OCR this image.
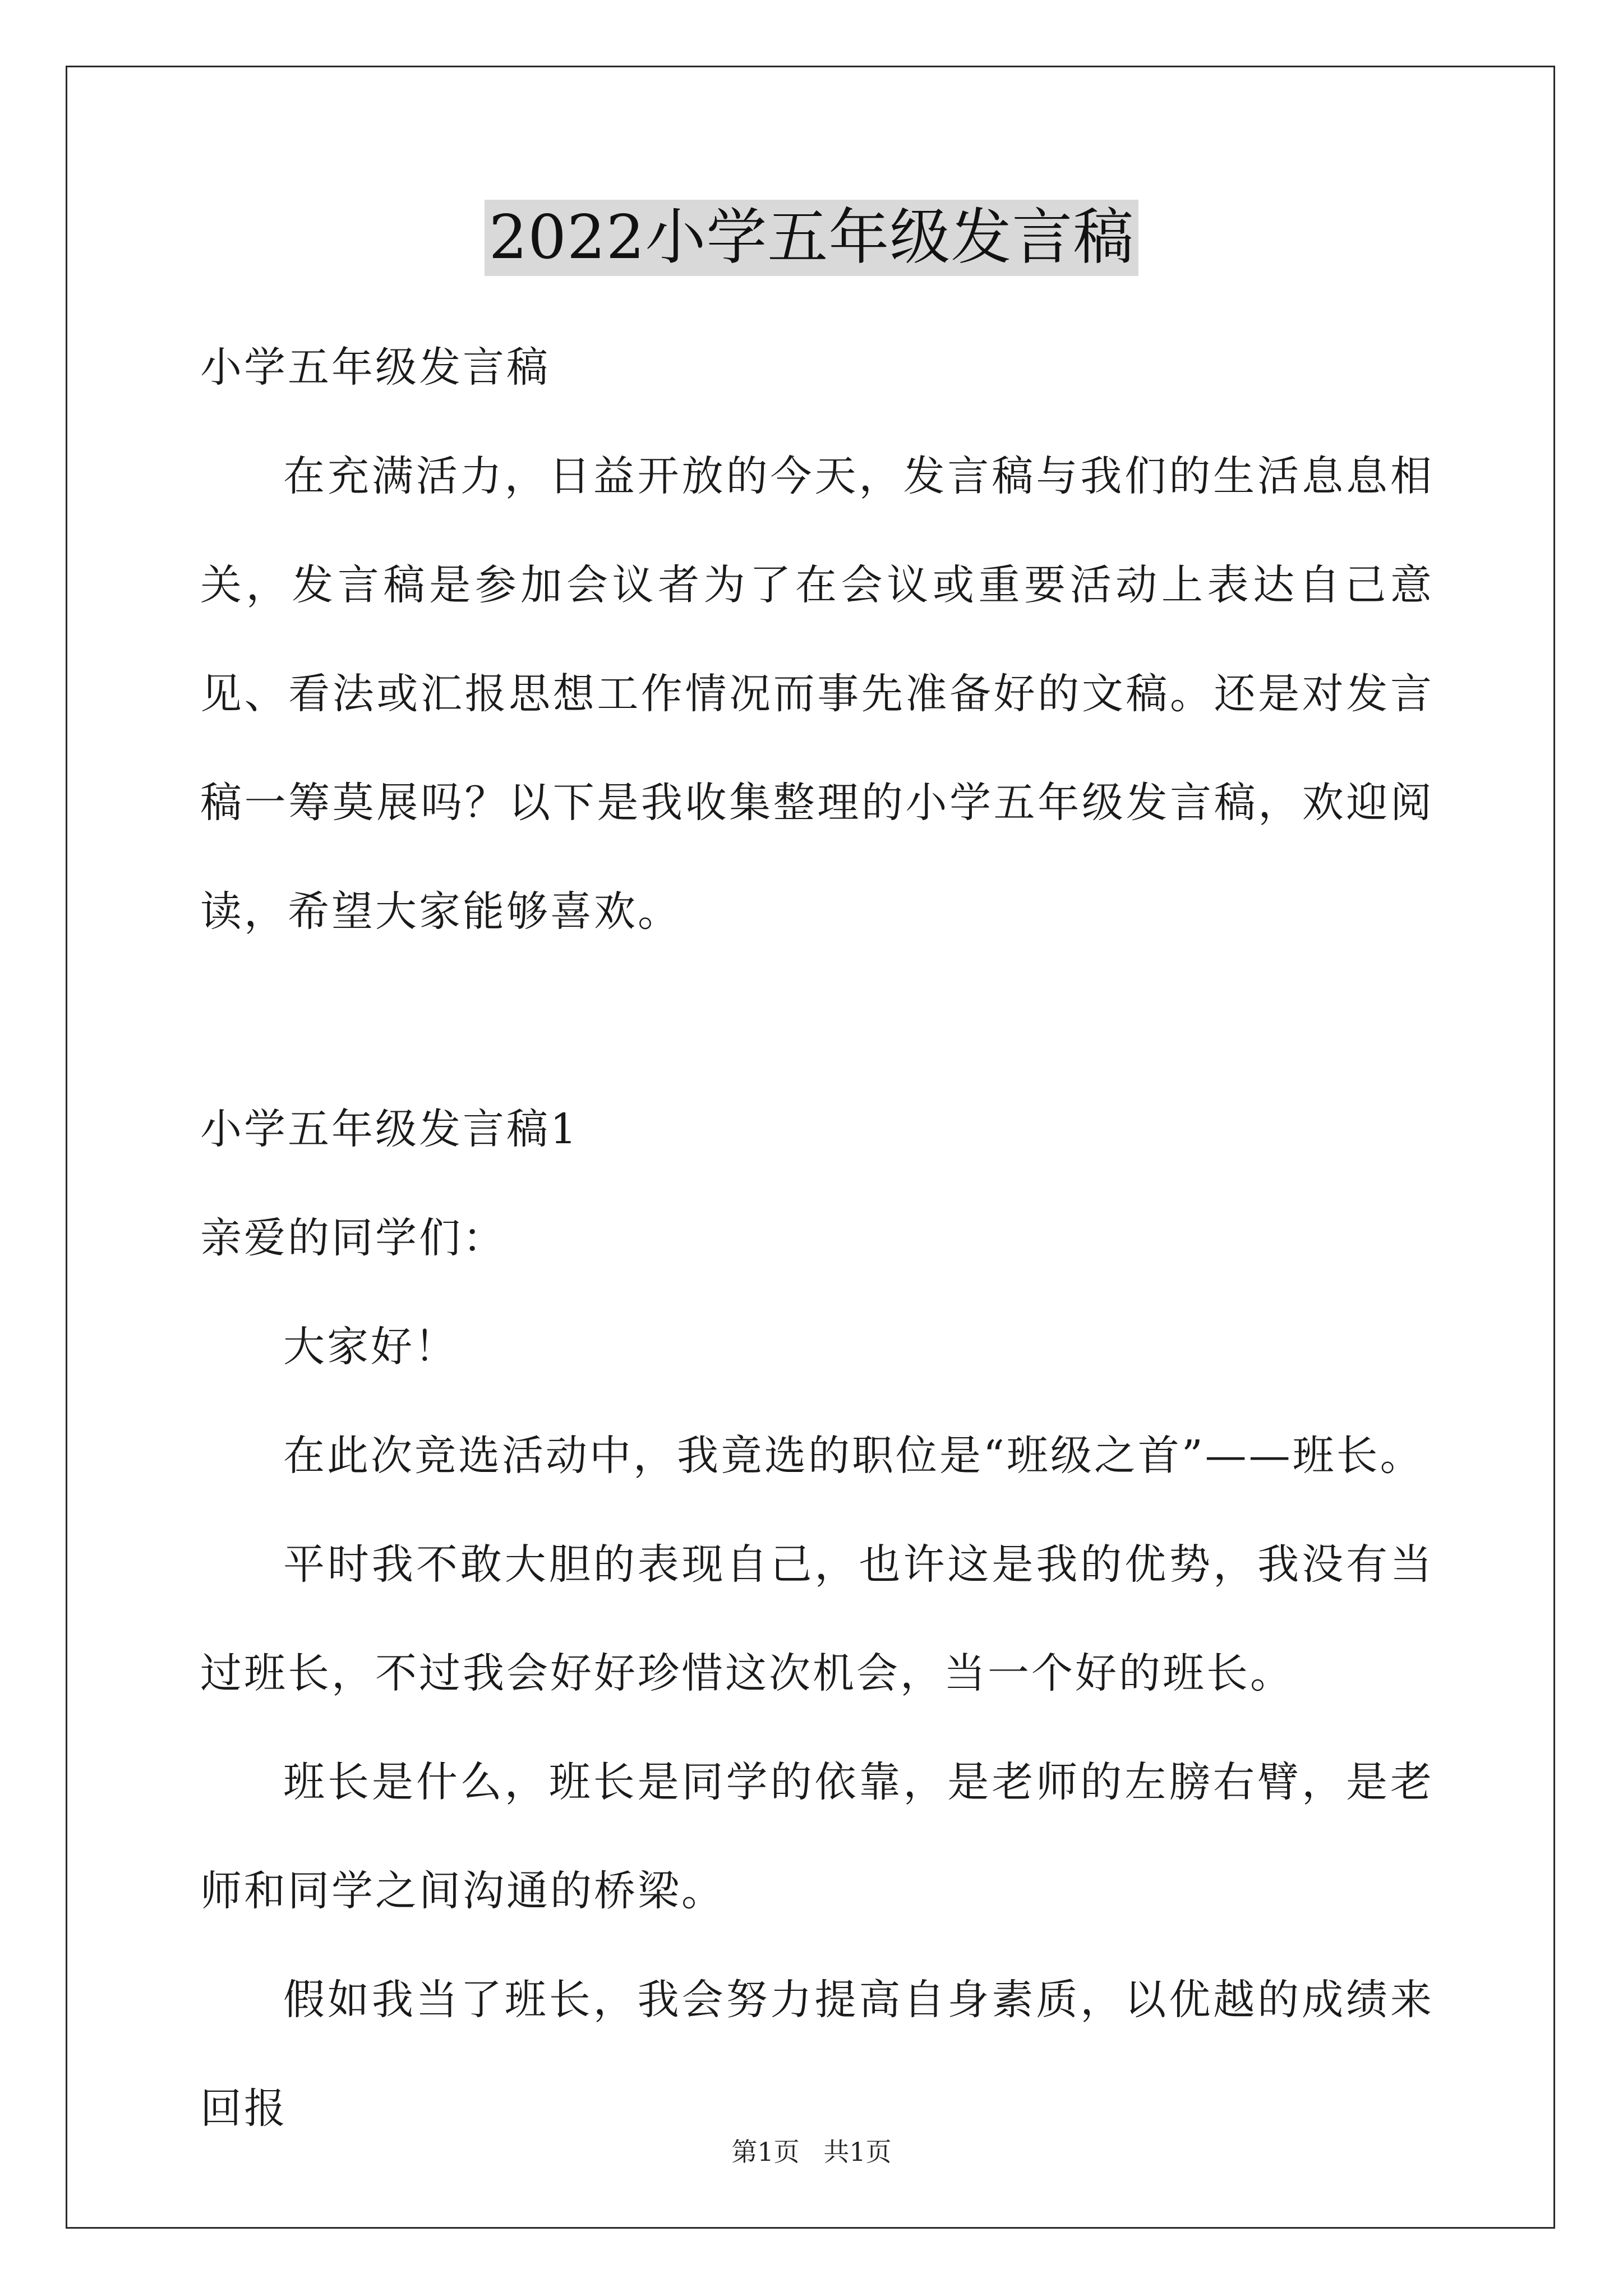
2022小学五年级发言稿

小学五年级发言稿

在充满活力，日益开放的今天，发言稿与我们的生活息息相关，发言稿是参加会议者为了在会议或重要活动上表达自己意见、看法或汇报思想工作情况而事先准备好的文稿。还是对发言稿一筹莫展吗？以下是我收集整理的小学五年级发言稿，欢迎阅读，希望大家能够喜欢。

小学五年级发言稿1

亲爱的同学们：

大家好！

在此次竞选活动中，我竟选的职位是“班级之首”——班长。

平时我不敢大胆的表现自己，也许这是我的优势，我没有当过班长，不过我会好好珍惜这次机会，当一个好的班长。

班长是什么，班长是同学的依靠，是老师的左膀右臂，是老师和同学之间沟通的桥梁。

假如我当了班长，我会努力提高自身素质，以优越的成绩来回报

第1页 共1页
